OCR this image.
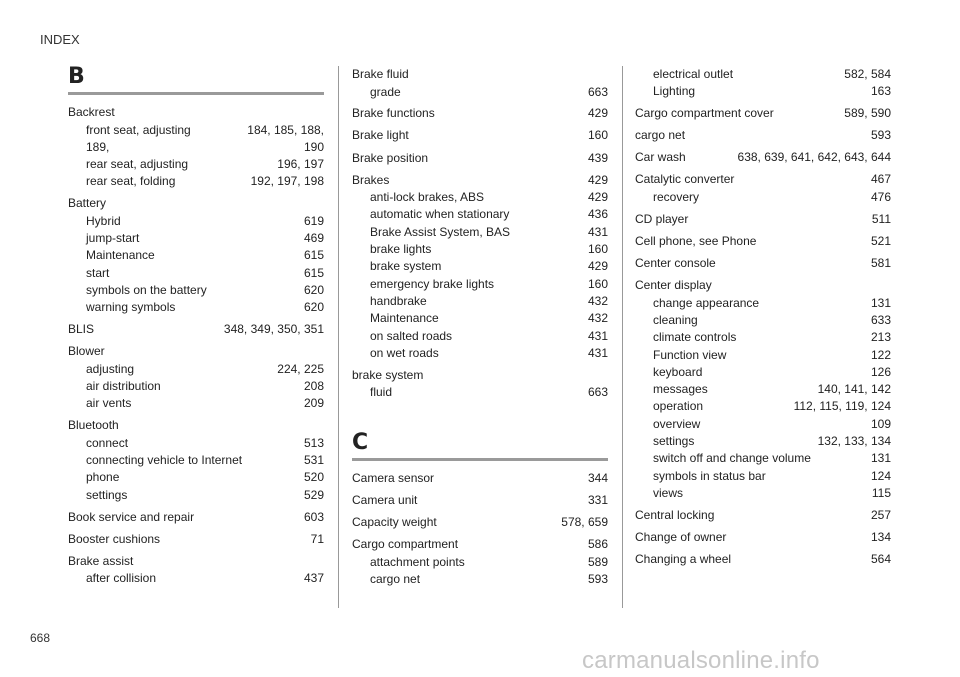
INDEX
B
Backrest
front seat, adjusting	184, 185, 188,
189,	190
rear seat, adjusting	196, 197
rear seat, folding	192, 197, 198
Battery
Hybrid	619
jump-start	469
Maintenance	615
start	615
symbols on the battery	620
warning symbols	620
BLIS	348, 349, 350, 351
Blower
adjusting	224, 225
air distribution	208
air vents	209
Bluetooth
connect	513
connecting vehicle to Internet	531
phone	520
settings	529
Book service and repair	603
Booster cushions	71
Brake assist
after collision	437
Brake fluid
grade	663
Brake functions	429
Brake light	160
Brake position	439
Brakes	429
anti-lock brakes, ABS	429
automatic when stationary	436
Brake Assist System, BAS	431
brake lights	160
brake system	429
emergency brake lights	160
handbrake	432
Maintenance	432
on salted roads	431
on wet roads	431
brake system
fluid	663
C
Camera sensor	344
Camera unit	331
Capacity weight	578, 659
Cargo compartment	586
attachment points	589
cargo net	593
electrical outlet	582, 584
Lighting	163
Cargo compartment cover	589, 590
cargo net	593
Car wash	638, 639, 641, 642, 643, 644
Catalytic converter	467
recovery	476
CD player	511
Cell phone, see Phone	521
Center console	581
Center display
change appearance	131
cleaning	633
climate controls	213
Function view	122
keyboard	126
messages	140, 141, 142
operation	112, 115, 119, 124
overview	109
settings	132, 133, 134
switch off and change volume	131
symbols in status bar	124
views	115
Central locking	257
Change of owner	134
Changing a wheel	564
668
carmanualsonline.info
